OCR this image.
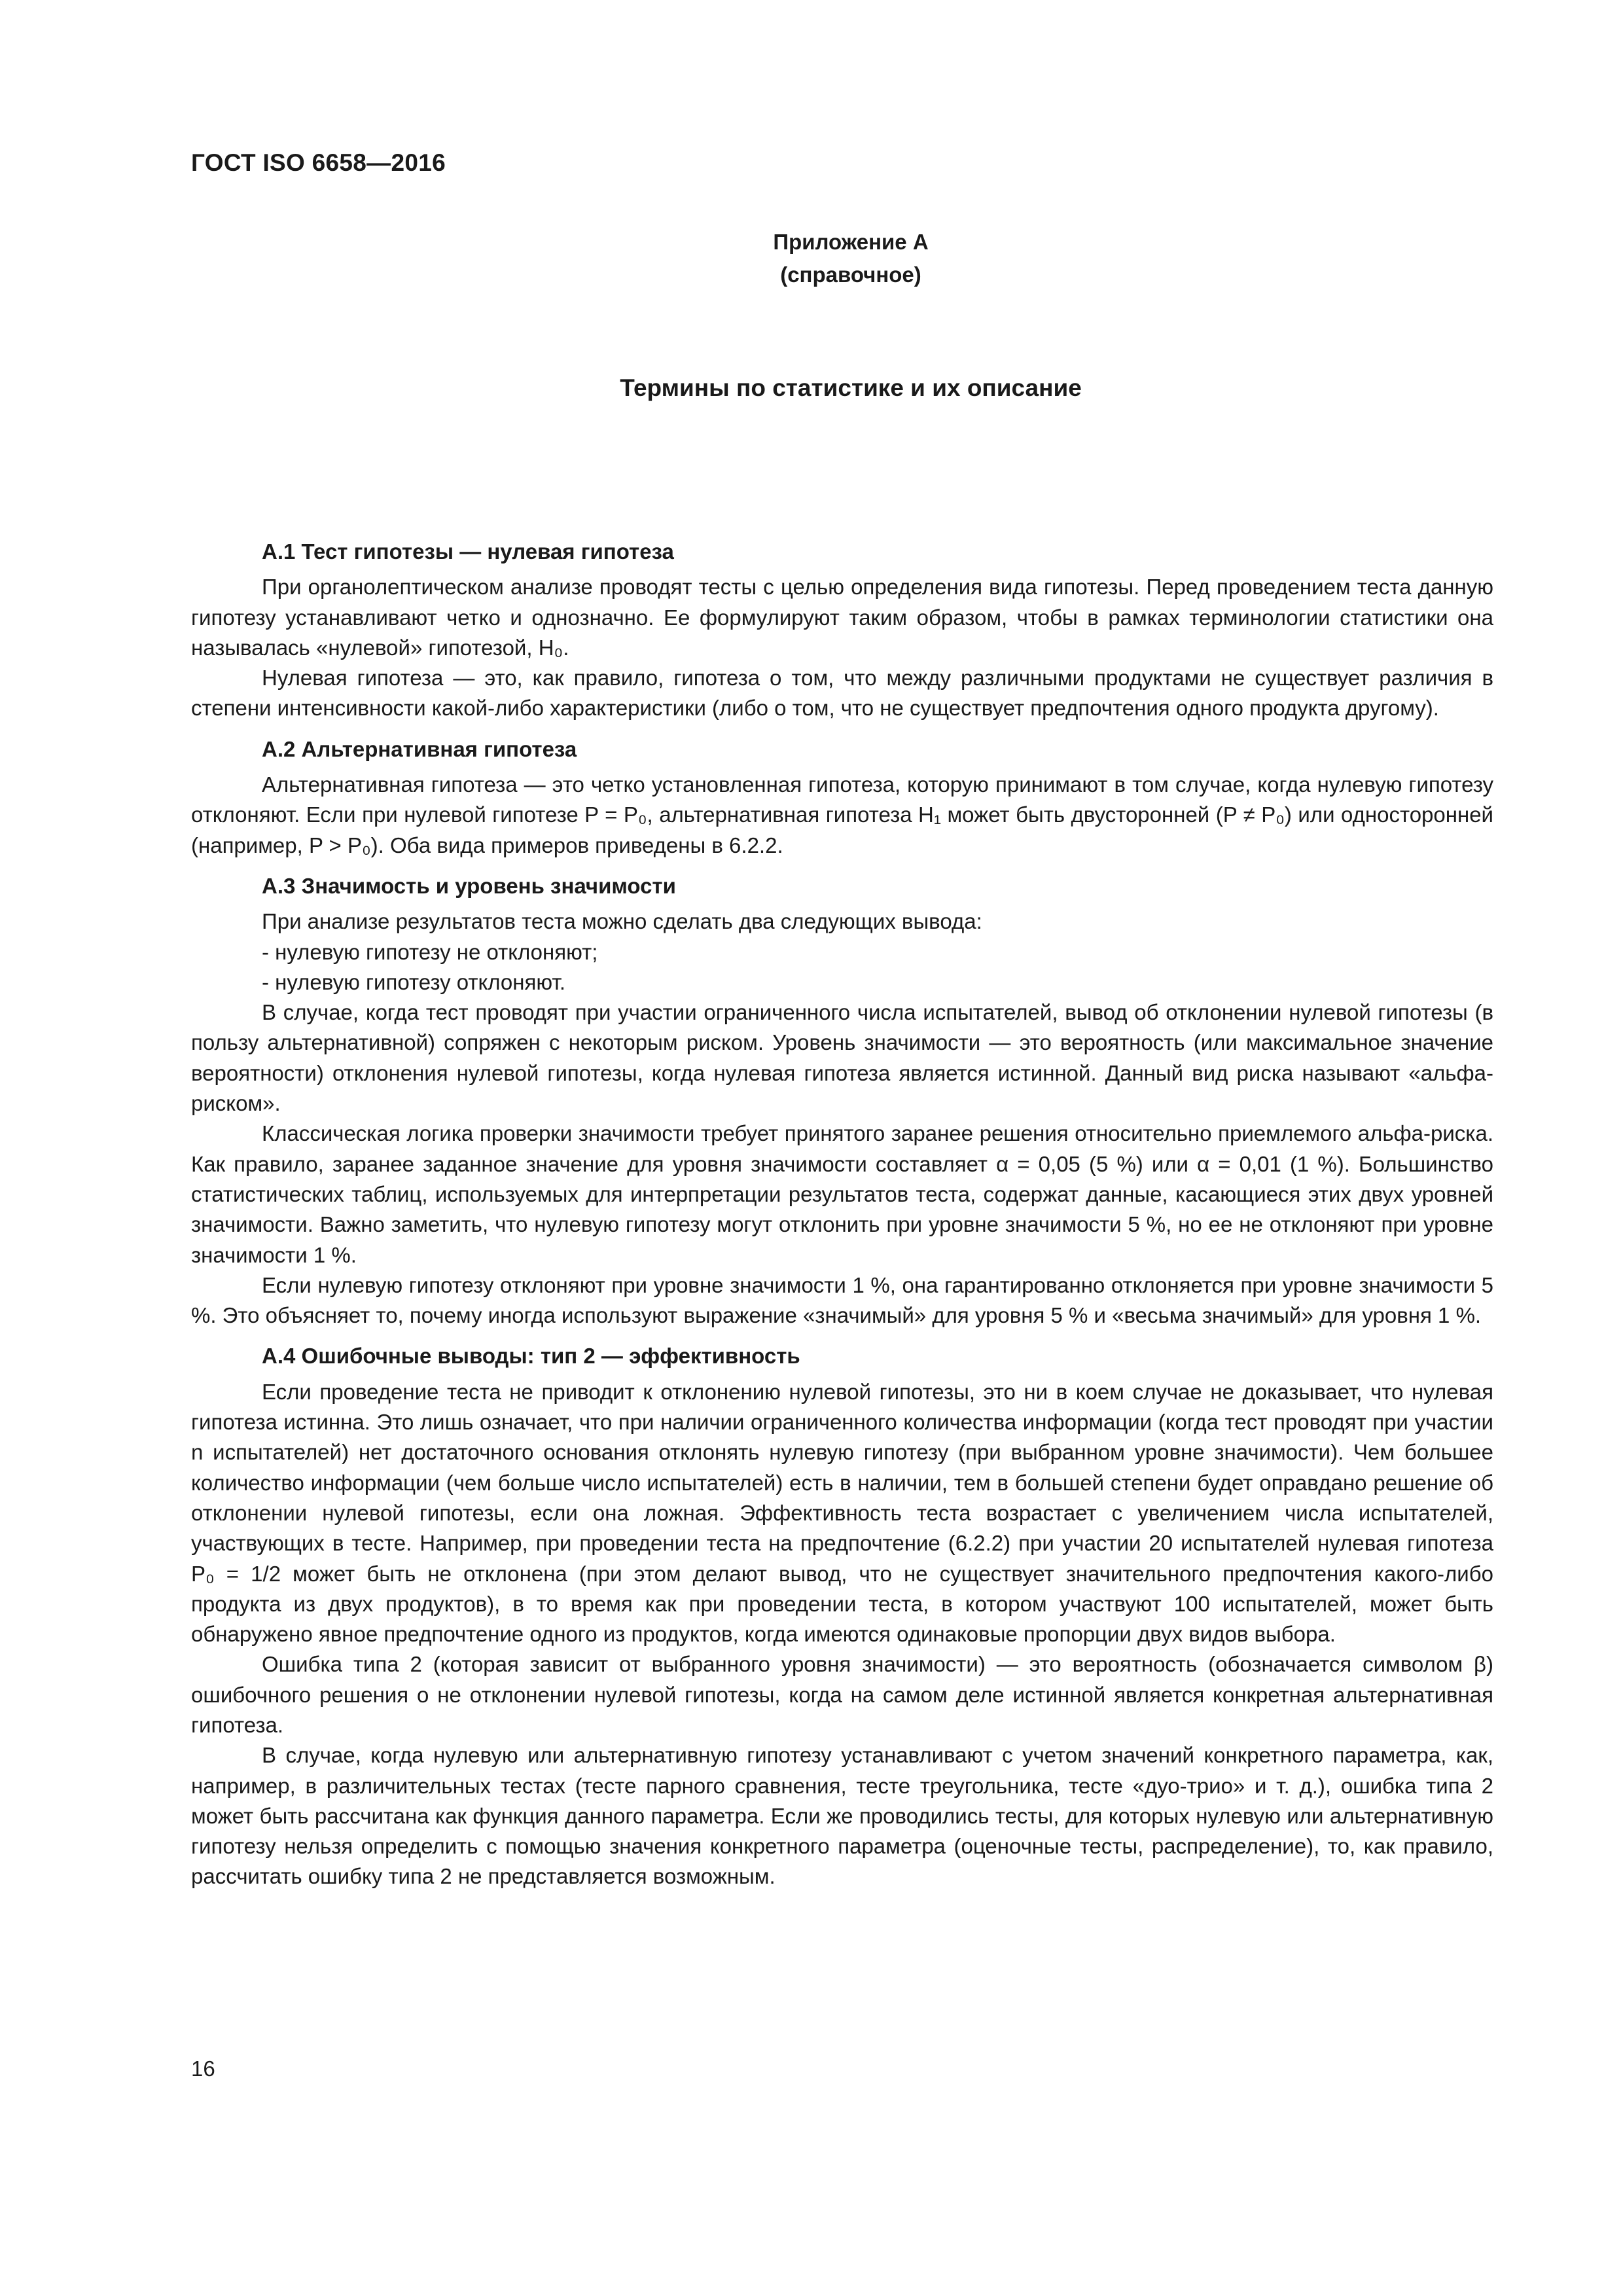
ГОСТ ISO 6658—2016
Приложение А
(справочное)
Термины по статистике и их описание

А.1 Тест гипотезы — нулевая гипотеза

При органолептическом анализе проводят тесты с целью определения вида гипотезы. Перед проведением теста данную гипотезу устанавливают четко и однозначно. Ее формулируют таким образом, чтобы в рамках терминологии статистики она называлась «нулевой» гипотезой, H₀.

Нулевая гипотеза — это, как правило, гипотеза о том, что между различными продуктами не существует различия в степени интенсивности какой-либо характеристики (либо о том, что не существует предпочтения одного продукта другому).

А.2 Альтернативная гипотеза

Альтернативная гипотеза — это четко установленная гипотеза, которую принимают в том случае, когда нулевую гипотезу отклоняют. Если при нулевой гипотезе P = P₀, альтернативная гипотеза H₁ может быть двусторонней (P ≠ P₀) или односторонней (например, P > P₀). Оба вида примеров приведены в 6.2.2.

А.3 Значимость и уровень значимости

При анализе результатов теста можно сделать два следующих вывода:

- нулевую гипотезу не отклоняют;

- нулевую гипотезу отклоняют.

В случае, когда тест проводят при участии ограниченного числа испытателей, вывод об отклонении нулевой гипотезы (в пользу альтернативной) сопряжен с некоторым риском. Уровень значимости — это вероятность (или максимальное значение вероятности) отклонения нулевой гипотезы, когда нулевая гипотеза является истинной. Данный вид риска называют «альфа-риском».

Классическая логика проверки значимости требует принятого заранее решения относительно приемлемого альфа-риска. Как правило, заранее заданное значение для уровня значимости составляет α = 0,05 (5 %) или α = 0,01 (1 %). Большинство статистических таблиц, используемых для интерпретации результатов теста, содержат данные, касающиеся этих двух уровней значимости. Важно заметить, что нулевую гипотезу могут отклонить при уровне значимости 5 %, но ее не отклоняют при уровне значимости 1 %.

Если нулевую гипотезу отклоняют при уровне значимости 1 %, она гарантированно отклоняется при уровне значимости 5 %. Это объясняет то, почему иногда используют выражение «значимый» для уровня 5 % и «весьма значимый» для уровня 1 %.

А.4 Ошибочные выводы: тип 2 — эффективность

Если проведение теста не приводит к отклонению нулевой гипотезы, это ни в коем случае не доказывает, что нулевая гипотеза истинна. Это лишь означает, что при наличии ограниченного количества информации (когда тест проводят при участии n испытателей) нет достаточного основания отклонять нулевую гипотезу (при выбранном уровне значимости). Чем большее количество информации (чем больше число испытателей) есть в наличии, тем в большей степени будет оправдано решение об отклонении нулевой гипотезы, если она ложная. Эффективность теста возрастает с увеличением числа испытателей, участвующих в тесте. Например, при проведении теста на предпочтение (6.2.2) при участии 20 испытателей нулевая гипотеза P₀ = 1/2 может быть не отклонена (при этом делают вывод, что не существует значительного предпочтения какого-либо продукта из двух продуктов), в то время как при проведении теста, в котором участвуют 100 испытателей, может быть обнаружено явное предпочтение одного из продуктов, когда имеются одинаковые пропорции двух видов выбора.

Ошибка типа 2 (которая зависит от выбранного уровня значимости) — это вероятность (обозначается символом β) ошибочного решения о не отклонении нулевой гипотезы, когда на самом деле истинной является конкретная альтернативная гипотеза.

В случае, когда нулевую или альтернативную гипотезу устанавливают с учетом значений конкретного параметра, как, например, в различительных тестах (тесте парного сравнения, тесте треугольника, тесте «дуо-трио» и т. д.), ошибка типа 2 может быть рассчитана как функция данного параметра. Если же проводились тесты, для которых нулевую или альтернативную гипотезу нельзя определить с помощью значения конкретного параметра (оценочные тесты, распределение), то, как правило, рассчитать ошибку типа 2 не представляется возможным.

16
